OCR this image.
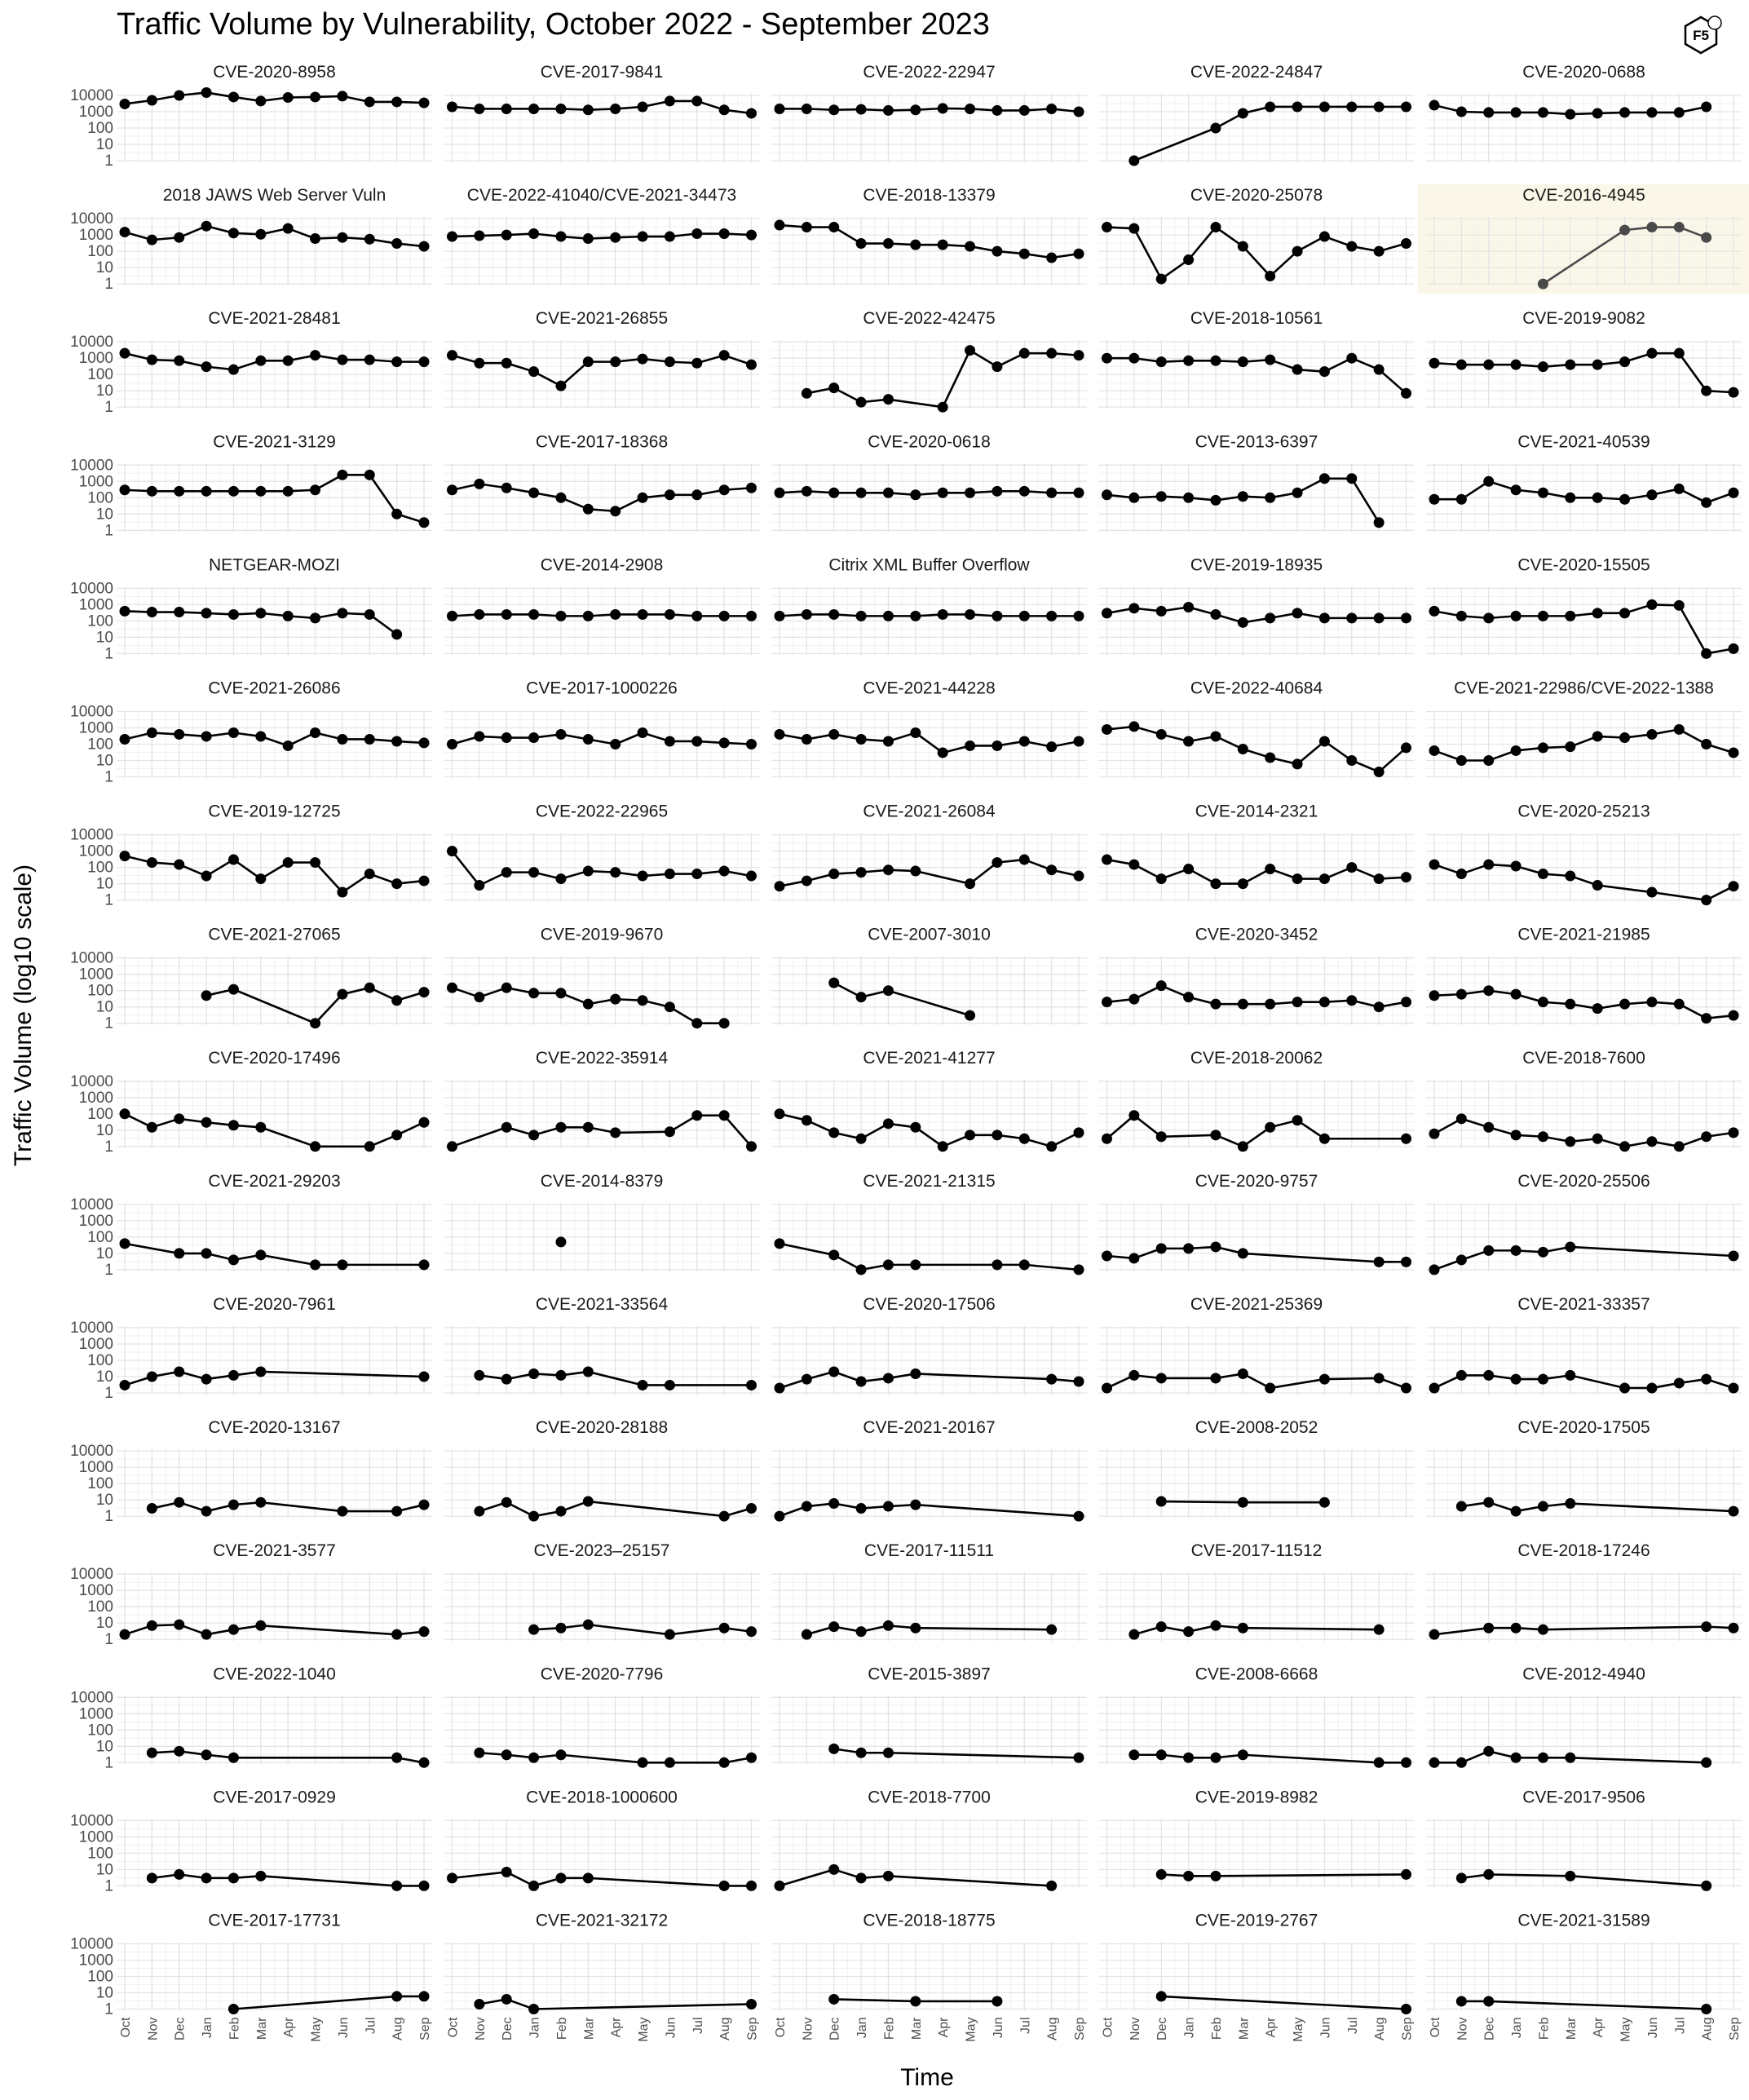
Traffic Volume by Vulnerability, October 2022 - September 2023
Time
Traffic Volume (log10 scale)
F5
CVE-2020-8958
1
10
100
1000
10000
CVE-2017-9841	CVE-2022-22947	CVE-2022-24847	CVE-2020-0688
2018 JAWS Web Server Vuln
1
10
100
1000
10000
CVE-2022-41040/CVE-2021-34473	CVE-2018-13379	CVE-2020-25078	CVE-2016-4945
CVE-2021-28481
1
10
100
1000
10000
CVE-2021-26855	CVE-2022-42475	CVE-2018-10561	CVE-2019-9082
CVE-2021-3129
1
10
100
1000
10000
CVE-2017-18368	CVE-2020-0618	CVE-2013-6397	CVE-2021-40539
NETGEAR-MOZI
1
10
100
1000
10000
CVE-2014-2908	Citrix XML Buffer Overflow	CVE-2019-18935	CVE-2020-15505
CVE-2021-26086
1
10
100
1000
10000
CVE-2017-1000226	CVE-2021-44228	CVE-2022-40684	CVE-2021-22986/CVE-2022-1388
CVE-2019-12725
1
10
100
1000
10000
CVE-2022-22965	CVE-2021-26084	CVE-2014-2321	CVE-2020-25213
CVE-2021-27065
1
10
100
1000
10000
CVE-2019-9670	CVE-2007-3010	CVE-2020-3452	CVE-2021-21985
CVE-2020-17496
1
10
100
1000
10000
CVE-2022-35914	CVE-2021-41277	CVE-2018-20062	CVE-2018-7600
CVE-2021-29203
1
10
100
1000
10000
CVE-2014-8379	CVE-2021-21315	CVE-2020-9757	CVE-2020-25506
CVE-2020-7961
1
10
100
1000
10000
CVE-2021-33564	CVE-2020-17506	CVE-2021-25369	CVE-2021-33357
CVE-2020-13167
1
10
100
1000
10000
CVE-2020-28188	CVE-2021-20167	CVE-2008-2052	CVE-2020-17505
CVE-2021-3577
1
10
100
1000
10000
CVE-2023–25157	CVE-2017-11511	CVE-2017-11512	CVE-2018-17246
CVE-2022-1040
1
10
100
1000
10000
CVE-2020-7796	CVE-2015-3897	CVE-2008-6668	CVE-2012-4940
CVE-2017-0929
1
10
100
1000
10000
CVE-2018-1000600	CVE-2018-7700	CVE-2019-8982	CVE-2017-9506
CVE-2017-17731
1
10
100
1000
10000
Oct Nov Dec Jan Feb Mar Apr May Jun Jul Aug Sep
CVE-2021-32172
Oct Nov Dec Jan Feb Mar Apr May Jun Jul Aug Sep
CVE-2018-18775
Oct Nov Dec Jan Feb Mar Apr May Jun Jul Aug Sep
CVE-2019-2767
Oct Nov Dec Jan Feb Mar Apr May Jun Jul Aug Sep
CVE-2021-31589
Oct Nov Dec Jan Feb Mar Apr May Jun Jul Aug Sep
